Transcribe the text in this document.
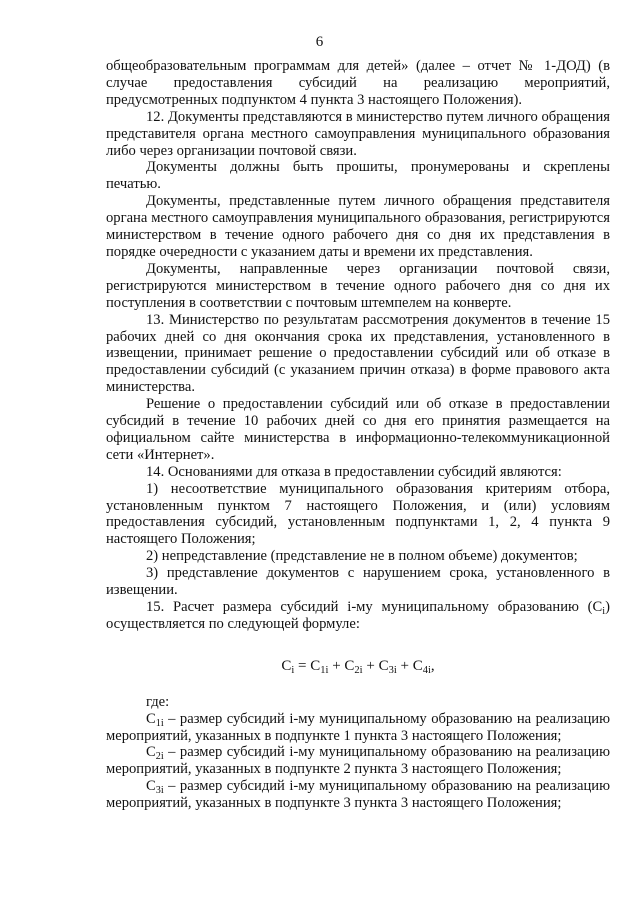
6

общеобразовательным программам для детей» (далее – отчет № 1-ДОД) (в случае предоставления субсидий на реализацию мероприятий, предусмотренных подпунктом 4 пункта 3 настоящего Положения).

12. Документы представляются в министерство путем личного обращения представителя органа местного самоуправления муниципального образования либо через организации почтовой связи.

Документы должны быть прошиты, пронумерованы и скреплены печатью.

Документы, представленные путем личного обращения представителя органа местного самоуправления муниципального образования, регистрируются министерством в течение одного рабочего дня со дня их представления в порядке очередности с указанием даты и времени их представления.

Документы, направленные через организации почтовой связи, регистрируются министерством в течение одного рабочего дня со дня их поступления в соответствии с почтовым штемпелем на конверте.

13. Министерство по результатам рассмотрения документов в течение 15 рабочих дней со дня окончания срока их представления, установленного в извещении, принимает решение о предоставлении субсидий или об отказе в предоставлении субсидий (с указанием причин отказа) в форме правового акта министерства.

Решение о предоставлении субсидий или об отказе в предоставлении субсидий в течение 10 рабочих дней со дня его принятия размещается на официальном сайте министерства в информационно-телекоммуникационной сети «Интернет».

14. Основаниями для отказа в предоставлении субсидий являются:

1) несоответствие муниципального образования критериям отбора, установленным пунктом 7 настоящего Положения, и (или) условиям предоставления субсидий, установленным подпунктами 1, 2, 4 пункта 9 настоящего Положения;

2) непредставление (представление не в полном объеме) документов;

3) представление документов с нарушением срока, установленного в извещении.

15. Расчет размера субсидий i-му муниципальному образованию $(C_i)$ осуществляется по следующей формуле:

$C_i = C_{1i} + C_{2i} + C_{3i} + C_{4i}$,

где:

$C_{1i}$ – размер субсидий i-му муниципальному образованию на реализацию мероприятий, указанных в подпункте 1 пункта 3 настоящего Положения;

$C_{2i}$ – размер субсидий i-му муниципальному образованию на реализацию мероприятий, указанных в подпункте 2 пункта 3 настоящего Положения;

$C_{3i}$ – размер субсидий i-му муниципальному образованию на реализацию мероприятий, указанных в подпункте 3 пункта 3 настоящего Положения;
